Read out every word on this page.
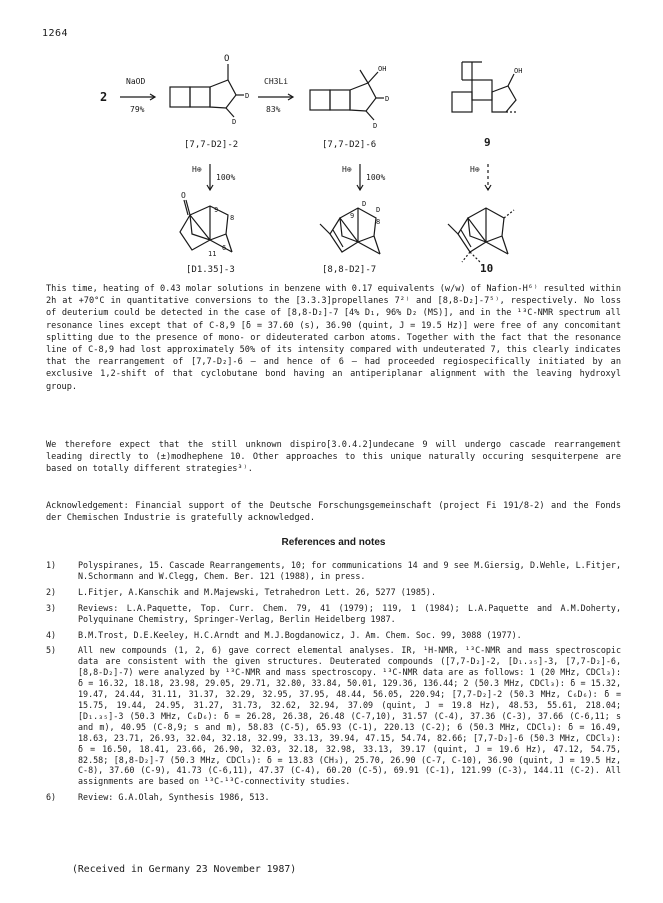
1264
2
NaOD
79%
CH3Li
83%
O
D
D
OH
D
D
OH
[7,7-D2]-2	[7,7-D2]-6	9
H⊕
100%
H⊕
100%
H⊕
O
9
8
11
6
D
D
9
8
[D1.35]-3	[8,8-D2]-7	10
This time, heating of 0.43 molar solutions in benzene with 0.17 equivalents (w/w) of Nafion-H⁶⁾ resulted within 2h at +70°C in quantitative conversions to the [3.3.3]propellanes 7²⁾ and [8,8-D₂]-7⁵⁾, respectively. No loss of deuterium could be detected in the case of [8,8-D₂]-7 [4% D₁, 96% D₂ (MS)], and in the ¹³C-NMR spectrum all resonance lines except that of C-8,9 [δ = 37.60 (s), 36.90 (quint, J = 19.5 Hz)] were free of any concomitant splitting due to the presence of mono- or dideuterated carbon atoms. Together with the fact that the resonance line of C-8,9 had lost approximately 50% of its intensity compared with undeuterated 7, this clearly indicates that the rearrangement of [7,7-D₂]-6 – and hence of 6 – had proceeded regiospecifically initiated by an exclusive 1,2-shift of that cyclobutane bond having an antiperiplanar alignment with the leaving hydroxyl group.
We therefore expect that the still unknown dispiro[3.0.4.2]undecane 9 will undergo cascade rearrangement leading directly to (±)modhephene 10. Other approaches to this unique naturally occuring sesquiterpene are based on totally different strategies³⁾.
Acknowledgement: Financial support of the Deutsche Forschungsgemeinschaft (project Fi 191/8-2) and the Fonds der Chemischen Industrie is gratefully acknowledged.
References and notes
1)	Polyspiranes, 15. Cascade Rearrangements, 10; for communications 14 and 9 see M.Giersig, D.Wehle, L.Fitjer, N.Schormann and W.Clegg, Chem. Ber. 121 (1988), in press.
2)	L.Fitjer, A.Kanschik and M.Majewski, Tetrahedron Lett. 26, 5277 (1985).
3)	Reviews: L.A.Paquette, Top. Curr. Chem. 79, 41 (1979); 119, 1 (1984); L.A.Paquette and A.M.Doherty, Polyquinane Chemistry, Springer-Verlag, Berlin Heidelberg 1987.
4)	B.M.Trost, D.E.Keeley, H.C.Arndt and M.J.Bogdanowicz, J. Am. Chem. Soc. 99, 3088 (1977).
5)	All new compounds (1, 2, 6) gave correct elemental analyses. IR, ¹H-NMR, ¹³C-NMR and mass spectroscopic data are consistent with the given structures. Deuterated compounds ([7,7-D₂]-2, [D₁.₃₅]-3, [7,7-D₂]-6, [8,8-D₂]-7) were analyzed by ¹³C-NMR and mass spectroscopy. ¹³C-NMR data are as follows: 1 (20 MHz, CDCl₃): δ = 16.32, 18.18, 23.98, 29.05, 29.71, 32.80, 33.84, 50.01, 129.36, 136.44; 2 (50.3 MHz, CDCl₃): δ = 15.32, 19.47, 24.44, 31.11, 31.37, 32.29, 32.95, 37.95, 48.44, 56.05, 220.94; [7,7-D₂]-2 (50.3 MHz, C₆D₆): δ = 15.75, 19.44, 24.95, 31.27, 31.73, 32.62, 32.94, 37.09 (quint, J = 19.8 Hz), 48.53, 55.61, 218.04; [D₁.₃₅]-3 (50.3 MHz, C₆D₆): δ = 26.28, 26.38, 26.48 (C-7,10), 31.57 (C-4), 37.36 (C-3), 37.66 (C-6,11; s and m), 40.95 (C-8,9; s and m), 58.83 (C-5), 65.93 (C-1), 220.13 (C-2); 6 (50.3 MHz, CDCl₃): δ = 16.49, 18.63, 23.71, 26.93, 32.04, 32.18, 32.99, 33.13, 39.94, 47.15, 54.74, 82.66; [7,7-D₂]-6 (50.3 MHz, CDCl₃): δ = 16.50, 18.41, 23.66, 26.90, 32.03, 32.18, 32.98, 33.13, 39.17 (quint, J = 19.6 Hz), 47.12, 54.75, 82.58; [8,8-D₂]-7 (50.3 MHz, CDCl₃): δ = 13.83 (CH₃), 25.70, 26.90 (C-7, C-10), 36.90 (quint, J = 19.5 Hz, C-8), 37.60 (C-9), 41.73 (C-6,11), 47.37 (C-4), 60.20 (C-5), 69.91 (C-1), 121.99 (C-3), 144.11 (C-2). All assignments are based on ¹³C-¹³C-connectivity studies.
6)	Review: G.A.Olah, Synthesis 1986, 513.
(Received in Germany 23 November 1987)
